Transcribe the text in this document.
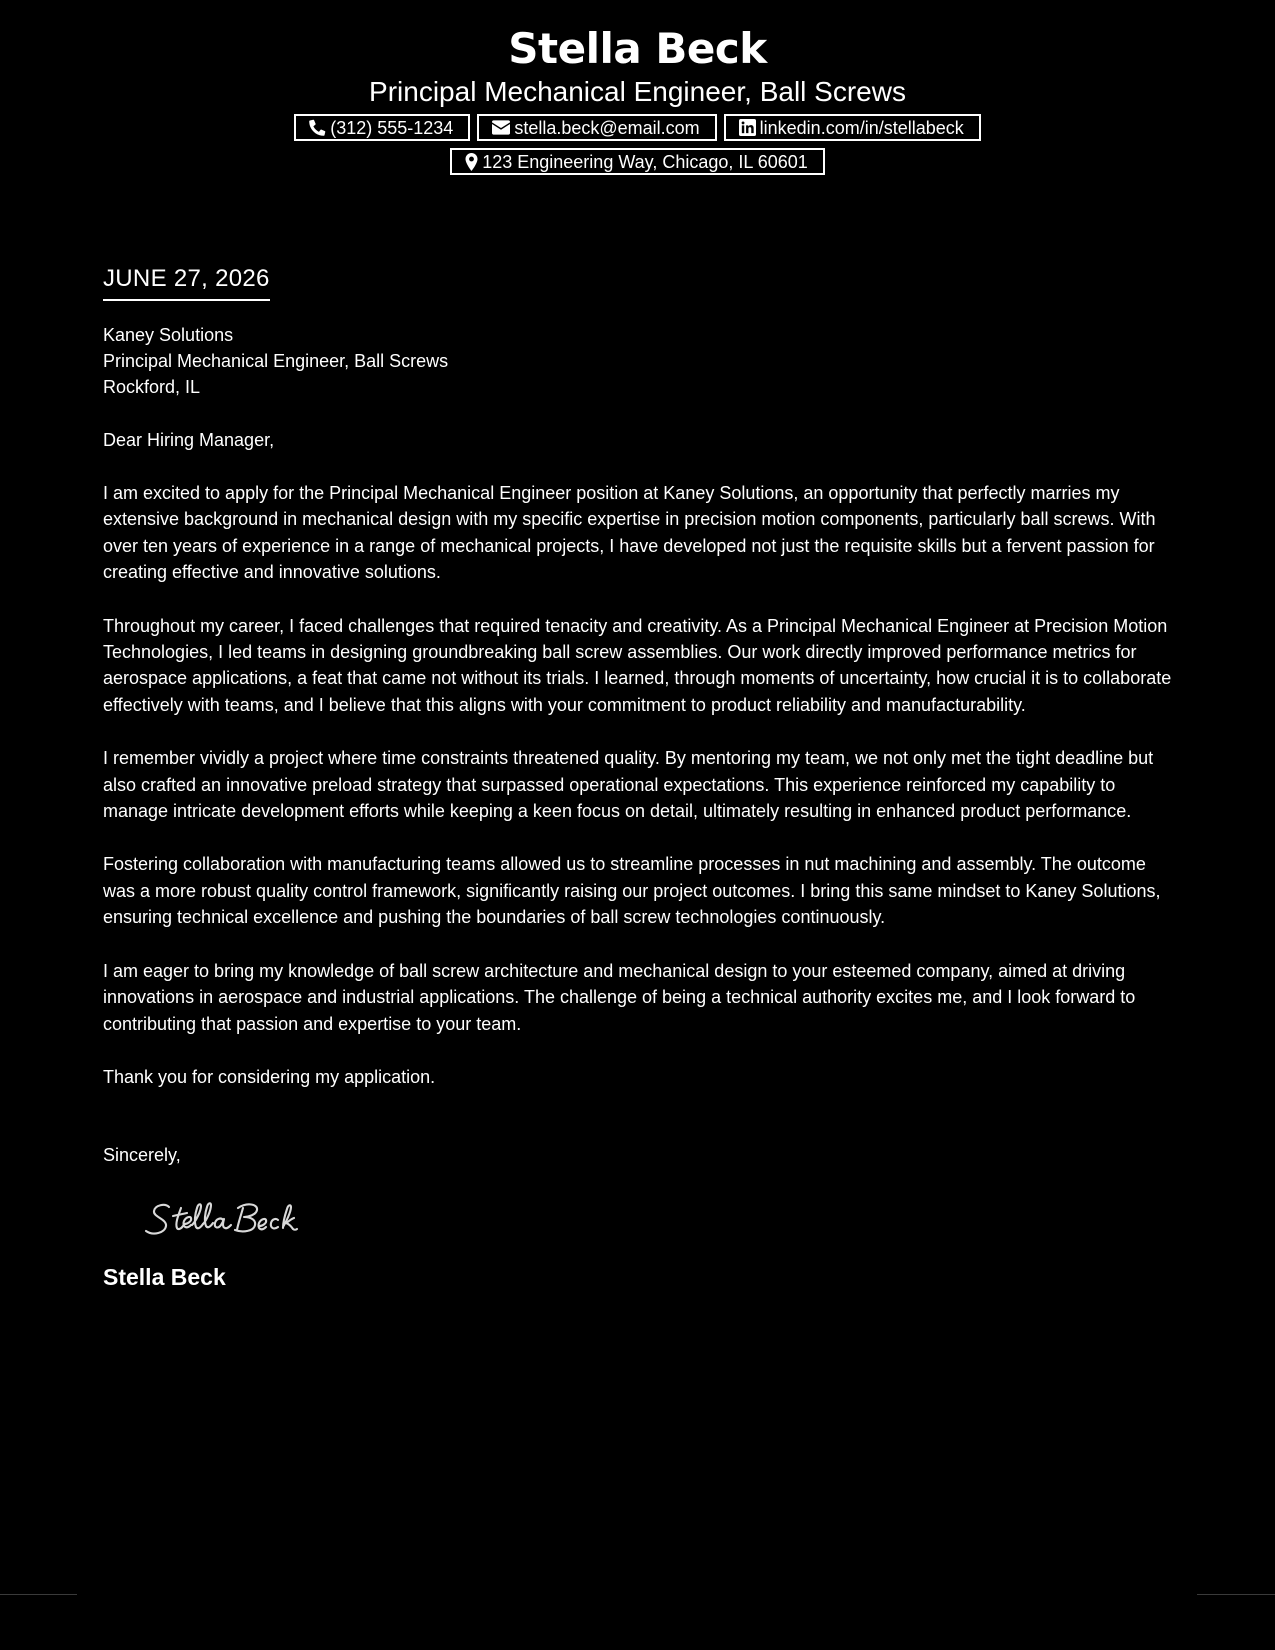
Stella Beck
Principal Mechanical Engineer, Ball Screws
(312) 555-1234	stella.beck@email.com	linkedin.com/in/stellabeck
123 Engineering Way, Chicago, IL 60601
JUNE 27, 2026
Kaney Solutions
Principal Mechanical Engineer, Ball Screws
Rockford, IL
Dear Hiring Manager,

I am excited to apply for the Principal Mechanical Engineer position at Kaney Solutions, an opportunity that perfectly marries my extensive background in mechanical design with my specific expertise in precision motion components, particularly ball screws. With over ten years of experience in a range of mechanical projects, I have developed not just the requisite skills but a fervent passion for creating effective and innovative solutions.

Throughout my career, I faced challenges that required tenacity and creativity. As a Principal Mechanical Engineer at Precision Motion Technologies, I led teams in designing groundbreaking ball screw assemblies. Our work directly improved performance metrics for aerospace applications, a feat that came not without its trials. I learned, through moments of uncertainty, how crucial it is to collaborate effectively with teams, and I believe that this aligns with your commitment to product reliability and manufacturability.

I remember vividly a project where time constraints threatened quality. By mentoring my team, we not only met the tight deadline but also crafted an innovative preload strategy that surpassed operational expectations. This experience reinforced my capability to manage intricate development efforts while keeping a keen focus on detail, ultimately resulting in enhanced product performance.

Fostering collaboration with manufacturing teams allowed us to streamline processes in nut machining and assembly. The outcome was a more robust quality control framework, significantly raising our project outcomes. I bring this same mindset to Kaney Solutions, ensuring technical excellence and pushing the boundaries of ball screw technologies continuously.

I am eager to bring my knowledge of ball screw architecture and mechanical design to your esteemed company, aimed at driving innovations in aerospace and industrial applications. The challenge of being a technical authority excites me, and I look forward to contributing that passion and expertise to your team.

Thank you for considering my application.

Sincerely,
Stella Beck
